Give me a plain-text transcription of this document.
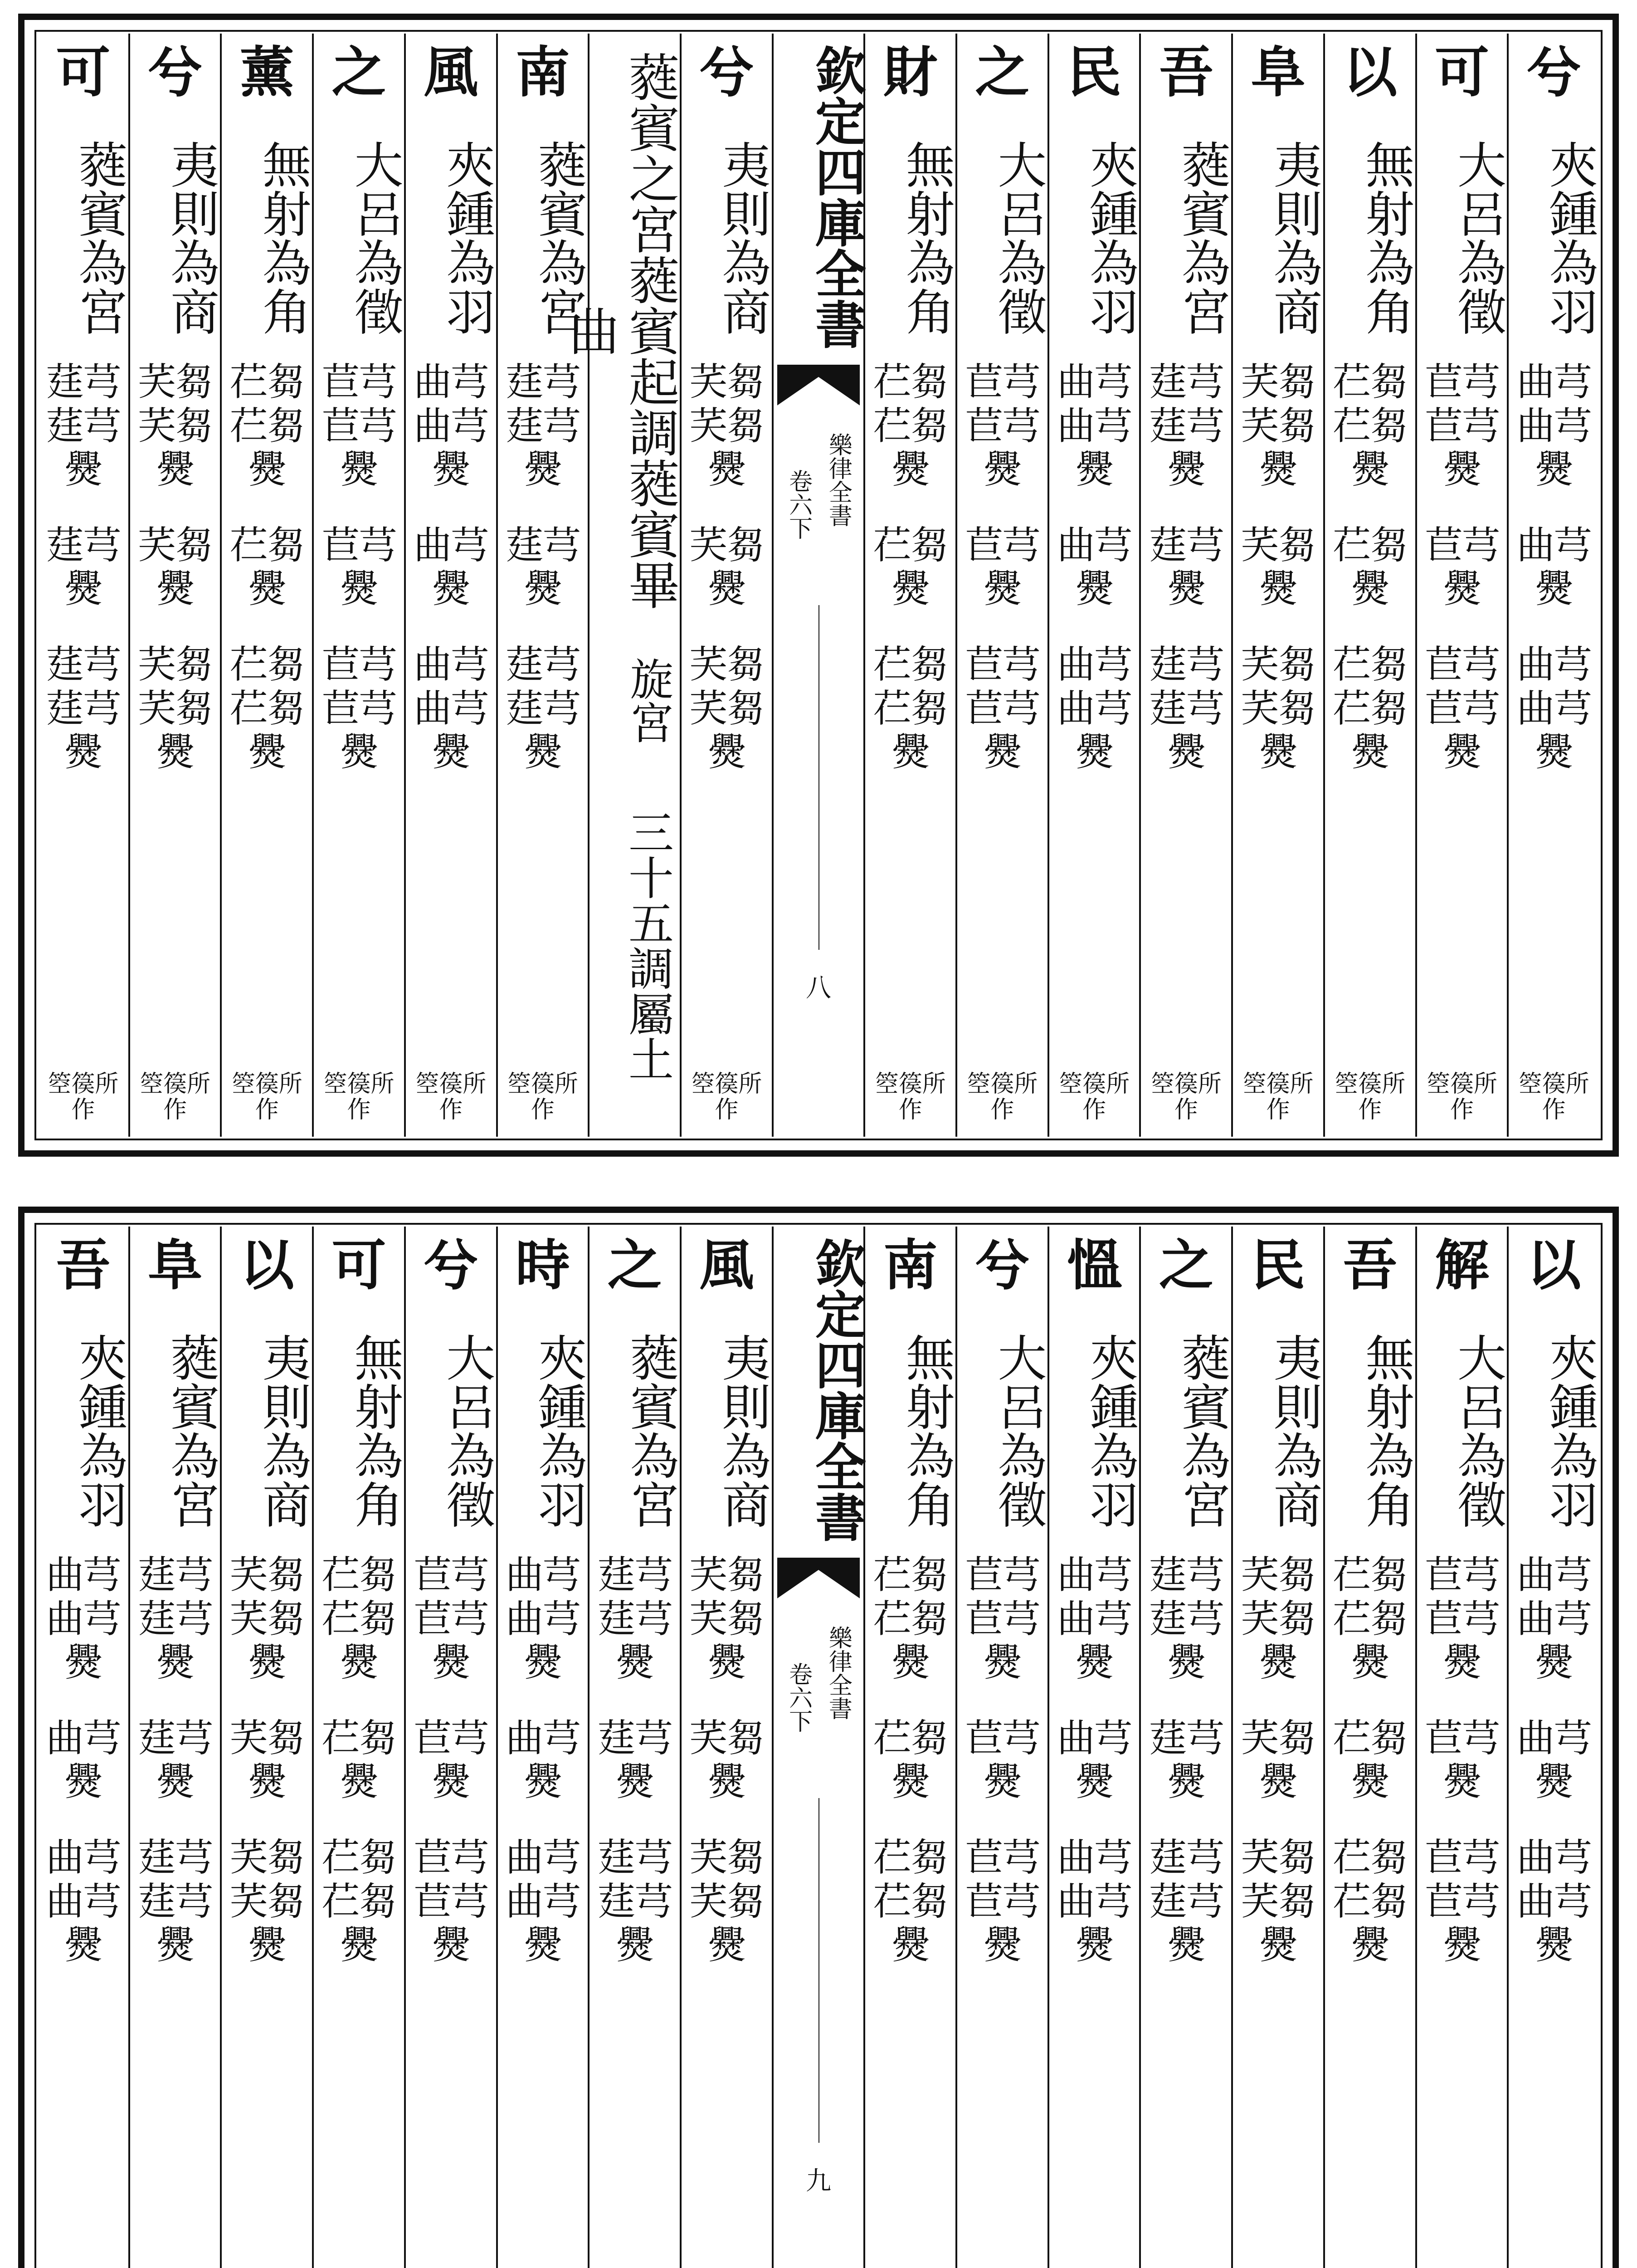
兮
夾鍾為羽
曲芎曲芎㸑
曲芎㸑
曲芎曲芎㸑
箜篌所作
可
大呂為徵
苣芎苣芎㸑
苣芎㸑
苣芎苣芎㸑
箜篌所作
以
無射為角
芢芻芢芻㸑
芢芻㸑
芢芻芢芻㸑
箜篌所作
阜
夷則為商
芺芻芺芻㸑
芺芻㸑
芺芻芺芻㸑
箜篌所作
吾
蕤賓為宮
莛芎莛芎㸑
莛芎㸑
莛芎莛芎㸑
箜篌所作
民
夾鍾為羽
曲芎曲芎㸑
曲芎㸑
曲芎曲芎㸑
箜篌所作
之
大呂為徵
苣芎苣芎㸑
苣芎㸑
苣芎苣芎㸑
箜篌所作
財
無射為角
芢芻芢芻㸑
芢芻㸑
芢芻芢芻㸑
箜篌所作
欽定四庫全書
樂律全書
卷六下
八
兮
夷則為商
芺芻芺芻㸑
芺芻㸑
芺芻芺芻㸑
箜篌所作
蕤賓之宮蕤賓起調蕤賓畢曲
旋宮
三十五調屬土
南
蕤賓為宮
莛芎莛芎㸑
莛芎㸑
莛芎莛芎㸑
箜篌所作
風
夾鍾為羽
曲芎曲芎㸑
曲芎㸑
曲芎曲芎㸑
箜篌所作
之
大呂為徵
苣芎苣芎㸑
苣芎㸑
苣芎苣芎㸑
箜篌所作
薰
無射為角
芢芻芢芻㸑
芢芻㸑
芢芻芢芻㸑
箜篌所作
兮
夷則為商
芺芻芺芻㸑
芺芻㸑
芺芻芺芻㸑
箜篌所作
可
蕤賓為宮
莛芎莛芎㸑
莛芎㸑
莛芎莛芎㸑
箜篌所作
以
夾鍾為羽
曲芎曲芎㸑
曲芎㸑
曲芎曲芎㸑
解
大呂為徵
苣芎苣芎㸑
苣芎㸑
苣芎苣芎㸑
吾
無射為角
芢芻芢芻㸑
芢芻㸑
芢芻芢芻㸑
民
夷則為商
芺芻芺芻㸑
芺芻㸑
芺芻芺芻㸑
之
蕤賓為宮
莛芎莛芎㸑
莛芎㸑
莛芎莛芎㸑
慍
夾鍾為羽
曲芎曲芎㸑
曲芎㸑
曲芎曲芎㸑
兮
大呂為徵
苣芎苣芎㸑
苣芎㸑
苣芎苣芎㸑
南
無射為角
芢芻芢芻㸑
芢芻㸑
芢芻芢芻㸑
欽定四庫全書
樂律全書
卷六下
九
風
夷則為商
芺芻芺芻㸑
芺芻㸑
芺芻芺芻㸑
之
蕤賓為宮
莛芎莛芎㸑
莛芎㸑
莛芎莛芎㸑
時
夾鍾為羽
曲芎曲芎㸑
曲芎㸑
曲芎曲芎㸑
兮
大呂為徵
苣芎苣芎㸑
苣芎㸑
苣芎苣芎㸑
可
無射為角
芢芻芢芻㸑
芢芻㸑
芢芻芢芻㸑
以
夷則為商
芺芻芺芻㸑
芺芻㸑
芺芻芺芻㸑
阜
蕤賓為宮
莛芎莛芎㸑
莛芎㸑
莛芎莛芎㸑
吾
夾鍾為羽
曲芎曲芎㸑
曲芎㸑
曲芎曲芎㸑
